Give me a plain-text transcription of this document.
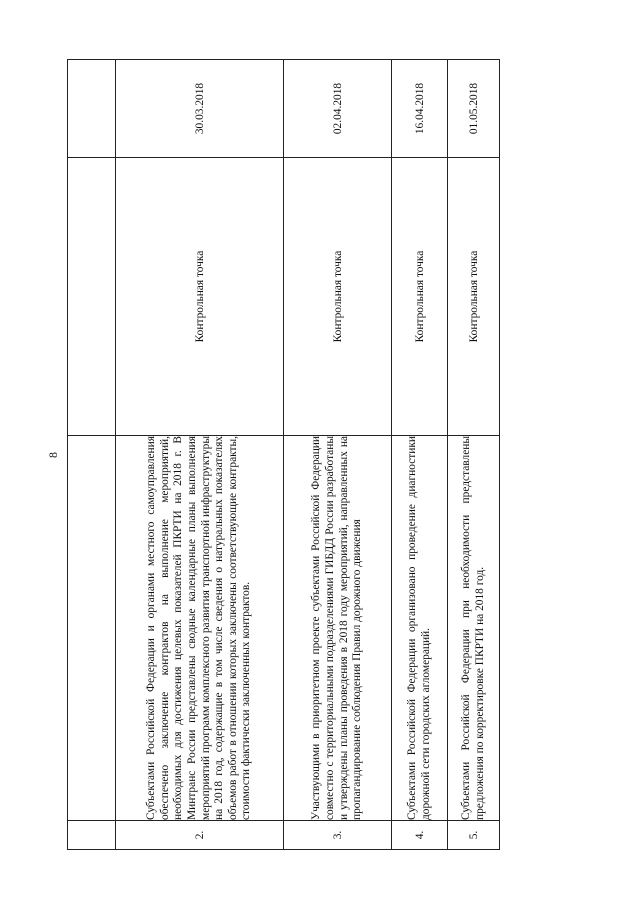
8

2.	Субъектами Российской Федерации и органами местного самоуправления обеспечено заключение контрактов на выполнение мероприятий, необходимых для достижения целевых показателей ПКРТИ на 2018 г. В Минтранс России представлены сводные календарные планы выполнения мероприятий программ комплексного развития транспортной инфраструктуры на 2018 год, содержащие в том числе сведения о натуральных показателях объемов работ в отношении которых заключены соответствующие контракты, стоимости фактически заключенных контрактов.	Контрольная точка	30.03.2018
3.	Участвующими в приоритетном проекте субъектами Российской Федерации совместно с территориальными подразделениями ГИБДД России разработаны и утверждены планы проведения в 2018 году мероприятий, направленных на пропагандирование соблюдения Правил дорожного движения	Контрольная точка	02.04.2018
4.	Субъектами Российской Федерации организовано проведение диагностики дорожной сети городских агломераций.	Контрольная точка	16.04.2018
5.	Субъектами Российской Федерации при необходимости представлены предложения по корректировке ПКРТИ на 2018 год.	Контрольная точка	01.05.2018
